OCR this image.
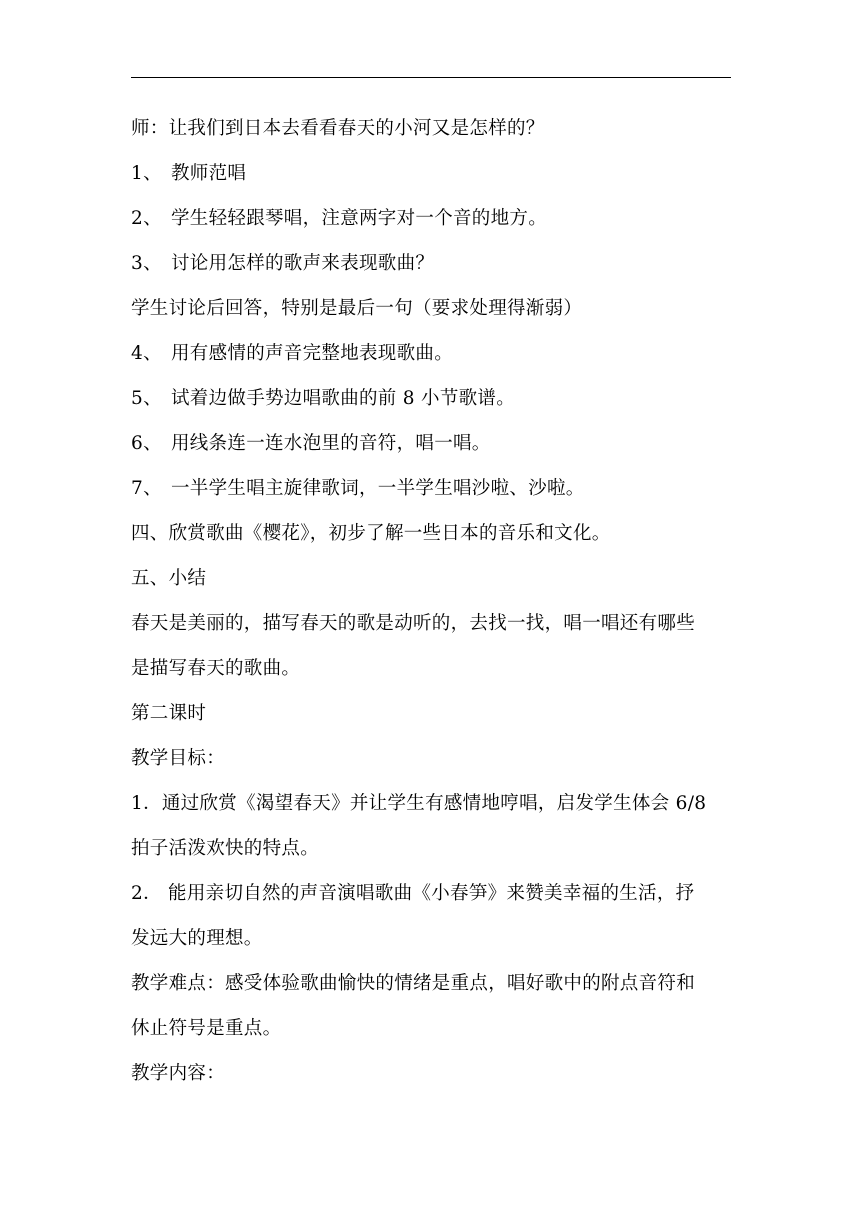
师：让我们到日本去看看春天的小河又是怎样的？
1、 教师范唱
2、 学生轻轻跟琴唱，注意两字对一个音的地方。
3、 讨论用怎样的歌声来表现歌曲？
学生讨论后回答，特别是最后一句（要求处理得渐弱）
4、 用有感情的声音完整地表现歌曲。
5、 试着边做手势边唱歌曲的前 8 小节歌谱。
6、 用线条连一连水泡里的音符，唱一唱。
7、 一半学生唱主旋律歌词，一半学生唱沙啦、沙啦。
四、欣赏歌曲《樱花》，初步了解一些日本的音乐和文化。
五、小结
春天是美丽的，描写春天的歌是动听的，去找一找，唱一唱还有哪些
是描写春天的歌曲。
第二课时
教学目标：
1．通过欣赏《渴望春天》并让学生有感情地哼唱，启发学生体会 6/8
拍子活泼欢快的特点。
2． 能用亲切自然的声音演唱歌曲《小春笋》来赞美幸福的生活，抒
发远大的理想。
教学难点：感受体验歌曲愉快的情绪是重点，唱好歌中的附点音符和
休止符号是重点。
教学内容：
